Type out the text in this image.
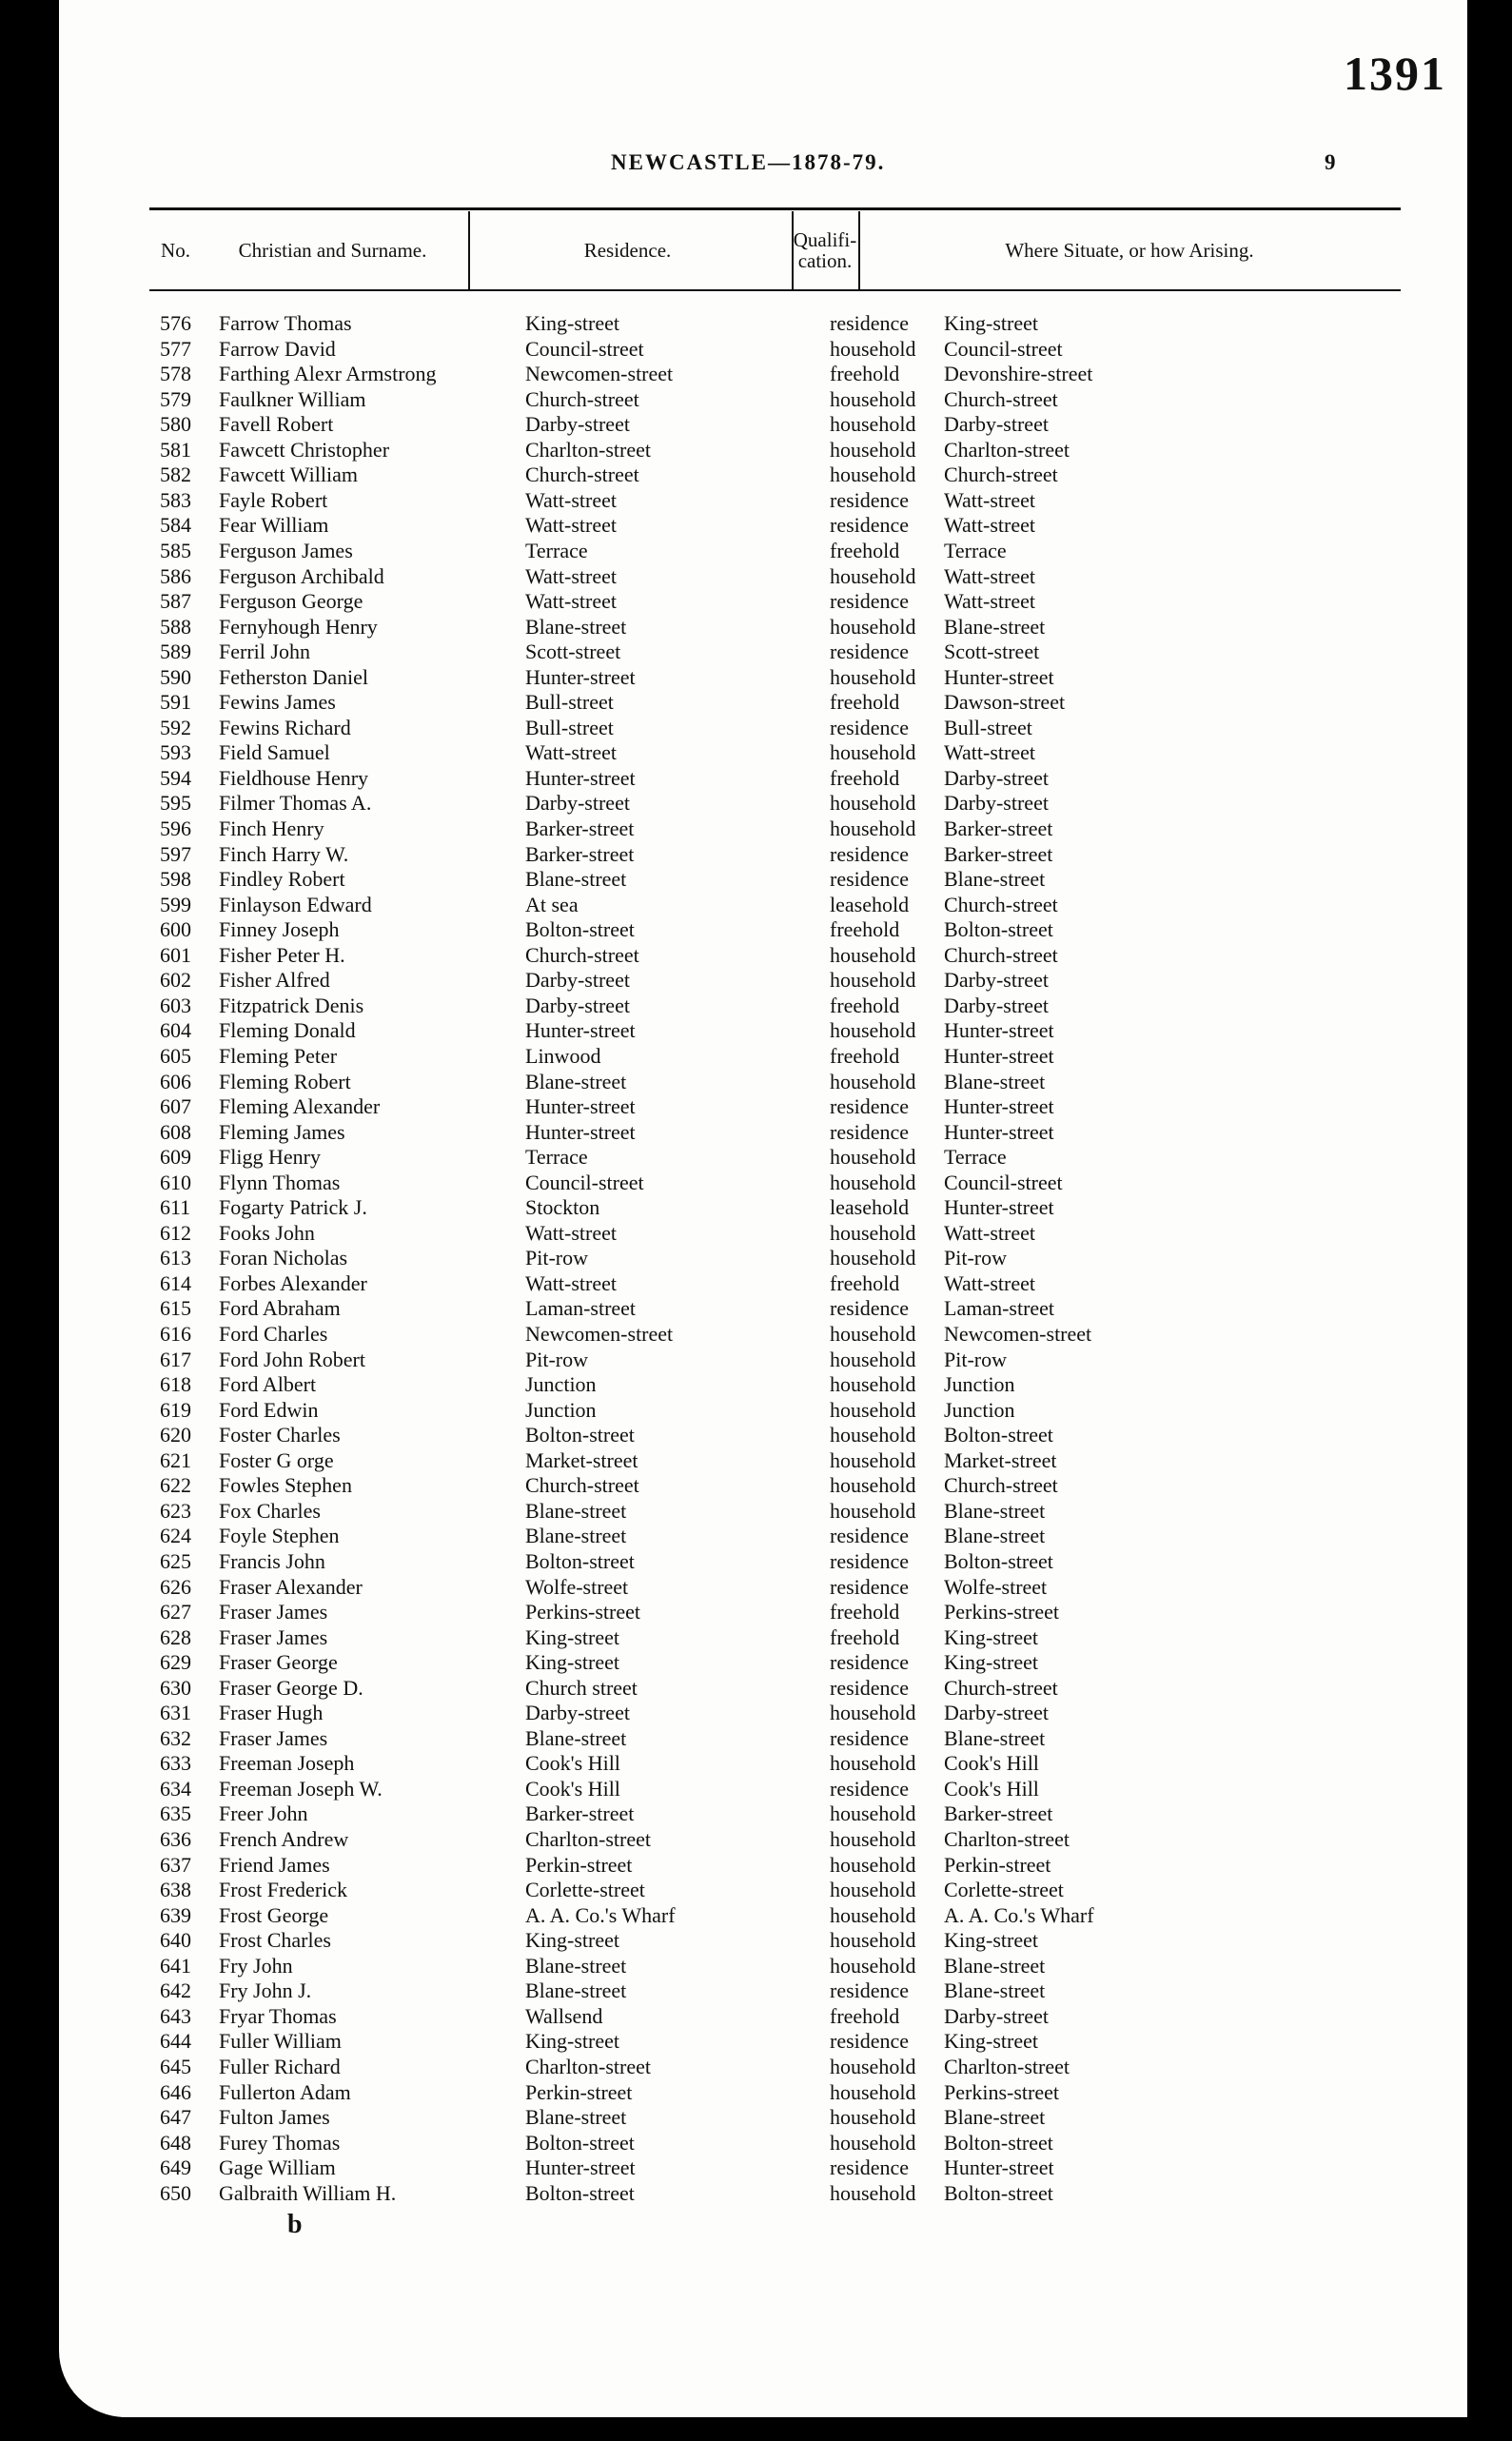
1391
NEWCASTLE—1878-79.	9
No.	Christian and Surname.	Residence.	Qualifi-
cation.	Where Situate, or how Arising.
576	Farrow Thomas	King-street	residence King-street
577	Farrow David	Council-street	household Council-street
578	Farthing Alexr Armstrong	Newcomen-street	freehold Devonshire-street
579	Faulkner William	Church-street	household Church-street
580	Favell Robert	Darby-street	household Darby-street
581	Fawcett Christopher	Charlton-street	household Charlton-street
582	Fawcett William	Church-street	household Church-street
583	Fayle Robert	Watt-street	residence Watt-street
584	Fear William	Watt-street	residence Watt-street
585	Ferguson James	Terrace	freehold Terrace
586	Ferguson Archibald	Watt-street	household Watt-street
587	Ferguson George	Watt-street	residence Watt-street
588	Fernyhough Henry	Blane-street	household Blane-street
589	Ferril John	Scott-street	residence Scott-street
590	Fetherston Daniel	Hunter-street	household Hunter-street
591	Fewins James	Bull-street	freehold Dawson-street
592	Fewins Richard	Bull-street	residence Bull-street
593	Field Samuel	Watt-street	household Watt-street
594	Fieldhouse Henry	Hunter-street	freehold Darby-street
595	Filmer Thomas A.	Darby-street	household Darby-street
596	Finch Henry	Barker-street	household Barker-street
597	Finch Harry W.	Barker-street	residence Barker-street
598	Findley Robert	Blane-street	residence Blane-street
599	Finlayson Edward	At sea	leasehold Church-street
600	Finney Joseph	Bolton-street	freehold Bolton-street
601	Fisher Peter H.	Church-street	household Church-street
602	Fisher Alfred	Darby-street	household Darby-street
603	Fitzpatrick Denis	Darby-street	freehold Darby-street
604	Fleming Donald	Hunter-street	household Hunter-street
605	Fleming Peter	Linwood	freehold Hunter-street
606	Fleming Robert	Blane-street	household Blane-street
607	Fleming Alexander	Hunter-street	residence Hunter-street
608	Fleming James	Hunter-street	residence Hunter-street
609	Fligg Henry	Terrace	household Terrace
610	Flynn Thomas	Council-street	household Council-street
611	Fogarty Patrick J.	Stockton	leasehold Hunter-street
612	Fooks John	Watt-street	household Watt-street
613	Foran Nicholas	Pit-row	household Pit-row
614	Forbes Alexander	Watt-street	freehold Watt-street
615	Ford Abraham	Laman-street	residence Laman-street
616	Ford Charles	Newcomen-street	household Newcomen-street
617	Ford John Robert	Pit-row	household Pit-row
618	Ford Albert	Junction	household Junction
619	Ford Edwin	Junction	household Junction
620	Foster Charles	Bolton-street	household Bolton-street
621	Foster G orge	Market-street	household Market-street
622	Fowles Stephen	Church-street	household Church-street
623	Fox Charles	Blane-street	household Blane-street
624	Foyle Stephen	Blane-street	residence Blane-street
625	Francis John	Bolton-street	residence Bolton-street
626	Fraser Alexander	Wolfe-street	residence Wolfe-street
627	Fraser James	Perkins-street	freehold Perkins-street
628	Fraser James	King-street	freehold King-street
629	Fraser George	King-street	residence King-street
630	Fraser George D.	Church street	residence Church-street
631	Fraser Hugh	Darby-street	household Darby-street
632	Fraser James	Blane-street	residence Blane-street
633	Freeman Joseph	Cook's Hill	household Cook's Hill
634	Freeman Joseph W.	Cook's Hill	residence Cook's Hill
635	Freer John	Barker-street	household Barker-street
636	French Andrew	Charlton-street	household Charlton-street
637	Friend James	Perkin-street	household Perkin-street
638	Frost Frederick	Corlette-street	household Corlette-street
639	Frost George	A. A. Co.'s Wharf	household A. A. Co.'s Wharf
640	Frost Charles	King-street	household King-street
641	Fry John	Blane-street	household Blane-street
642	Fry John J.	Blane-street	residence Blane-street
643	Fryar Thomas	Wallsend	freehold Darby-street
644	Fuller William	King-street	residence King-street
645	Fuller Richard	Charlton-street	household Charlton-street
646	Fullerton Adam	Perkin-street	household Perkins-street
647	Fulton James	Blane-street	household Blane-street
648	Furey Thomas	Bolton-street	household Bolton-street
649	Gage William	Hunter-street	residence Hunter-street
650	Galbraith William H.	Bolton-street	household Bolton-street
b
